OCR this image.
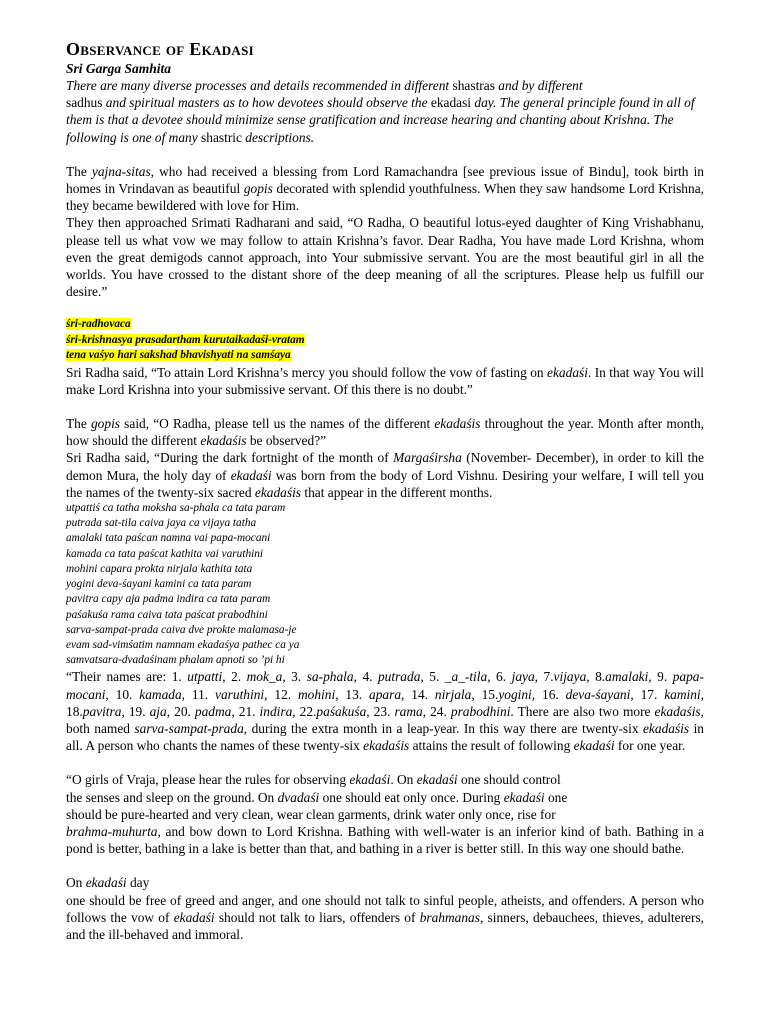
Observance of Ekadasi
Sri Garga Samhita

There are many diverse processes and details recommended in different shastras and by different
sadhus and spiritual masters as to how devotees should observe the ekadasi day. The general principle found in all of them is that a devotee should minimize sense gratification and increase hearing and chanting about Krishna. The following is one of many shastric descriptions.

The yajna-sitas, who had received a blessing from Lord Ramachandra [see previous issue of Bindu], took birth in homes in Vrindavan as beautiful gopis decorated with splendid youthfulness. When they saw handsome Lord Krishna, they became bewildered with love for Him.

They then approached Srimati Radharani and said, “O Radha, O beautiful lotus-eyed daughter of King Vrishabhanu, please tell us what vow we may follow to attain Krishna’s favor. Dear Radha, You have made Lord Krishna, whom even the great demigods cannot approach, into Your submissive servant. You are the most beautiful girl in all the worlds. You have crossed to the distant shore of the deep meaning of all the scriptures. Please help us fulfill our desire.”

śri-radhovaca

śri-krishnasya prasadartham kurutaikadaśi-vratam

tena vaśyo hari sakshad bhavishyati na samśaya

Sri Radha said, “To attain Lord Krishna’s mercy you should follow the vow of fasting on ekadaśi. In that way You will make Lord Krishna into your submissive servant. Of this there is no doubt.”

The gopis said, “O Radha, please tell us the names of the different ekadaśis throughout the year. Month after month, how should the different ekadaśis be observed?”

Sri Radha said, “During the dark fortnight of the month of Margaśirsha (November- December), in order to kill the demon Mura, the holy day of ekadaśi was born from the body of Lord Vishnu. Desiring your welfare, I will tell you the names of the twenty-six sacred ekadaśis that appear in the different months.

utpattiś ca tatha moksha sa-phala ca tata param

putrada sat-tila caiva jaya ca vijaya tatha

amalaki tata paścan namna vai papa-mocani

kamada ca tata paścat kathita vai varuthini

mohini capara prokta nirjala kathita tata

yogini deva-śayani kamini ca tata param

pavitra capy aja padma indira ca tata param

paśakuśa rama caiva tata paścat prabodhini

sarva-sampat-prada caiva dve prokte malamasa-je

evam sad-vimśatim namnam ekadaśya pathec ca ya

samvatsara-dvadaśinam phalam apnoti so ’pi hi

“Their names are: 1. utpatti, 2. mok_a, 3. sa-phala, 4. putrada, 5. _a_-tila, 6. jaya, 7.vijaya, 8.amalaki, 9. papa-mocani, 10. kamada, 11. varuthini, 12. mohini, 13. apara, 14. nirjala, 15.yogini, 16. deva-śayani, 17. kamini, 18.pavitra, 19. aja, 20. padma, 21. indira, 22.paśakuśa, 23. rama, 24. prabodhini. There are also two more ekadaśis, both named sarva-sampat-prada, during the extra month in a leap-year. In this way there are twenty-six ekadaśis in all. A person who chants the names of these twenty-six ekadaśis attains the result of following ekadaśi for one year.

“O girls of Vraja, please hear the rules for observing ekadaśi. On ekadaśi one should control
the senses and sleep on the ground. On dvadaśi one should eat only once. During ekadaśi one
should be pure-hearted and very clean, wear clean garments, drink water only once, rise for
brahma-muhurta, and bow down to Lord Krishna. Bathing with well-water is an inferior kind of bath. Bathing in a pond is better, bathing in a lake is better than that, and bathing in a river is better still. In this way one should bathe.

On ekadaśi day

one should be free of greed and anger, and one should not talk to sinful people, atheists, and offenders. A person who follows the vow of ekadaśi should not talk to liars, offenders of brahmanas, sinners, debauchees, thieves, adulterers, and the ill-behaved and immoral.
